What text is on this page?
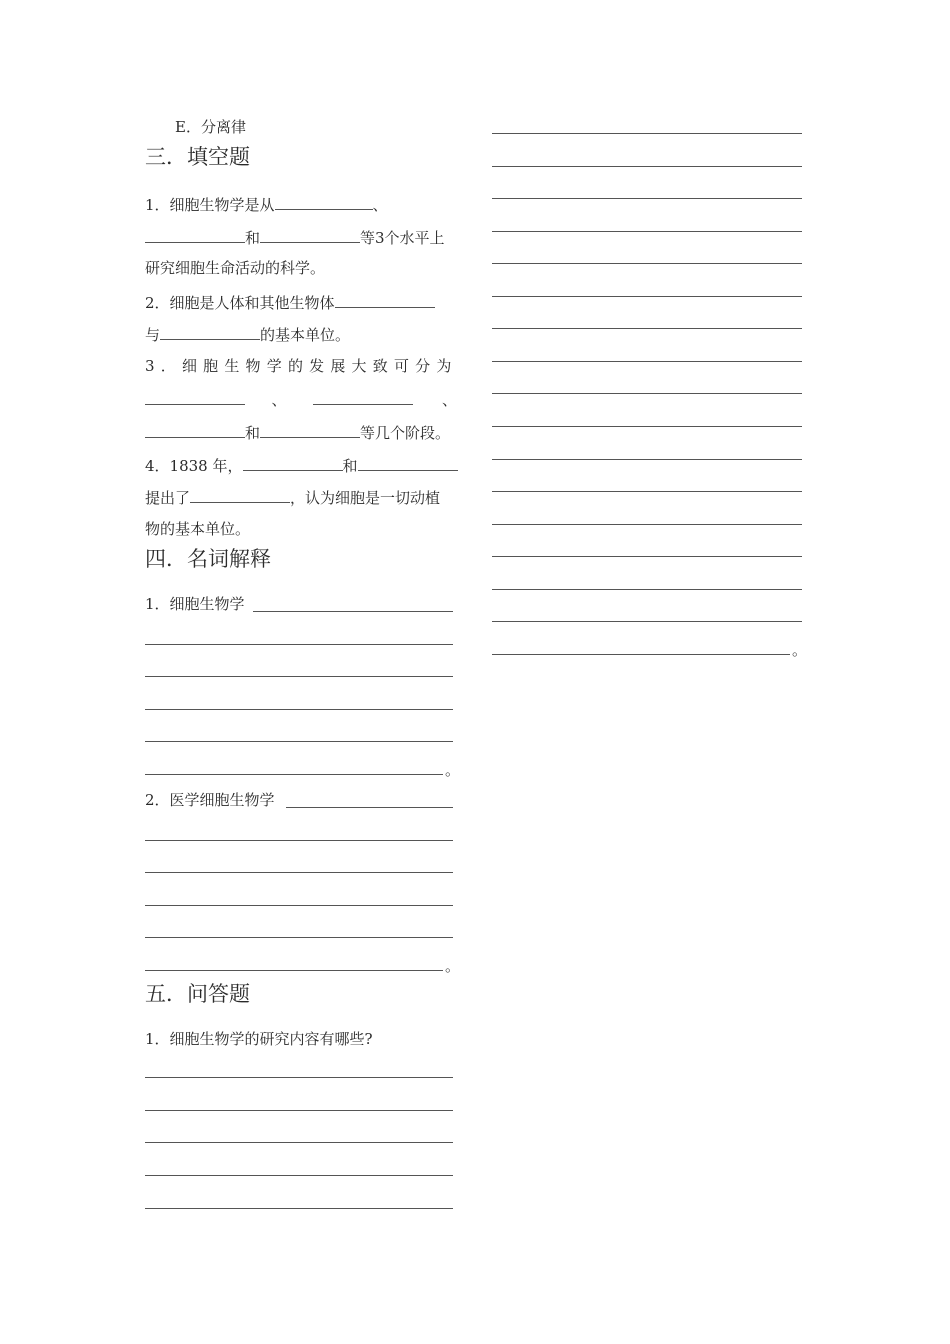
E．分离律
三．填空题
1．细胞生物学是从	、
和	等3个水平上
研究细胞生命活动的科学。
2．细胞是人体和其他生物体
与	的基本单位。
3．细胞生物学的发展大致可分为
、	、
和	等几个阶段。
4．1838 年，	和
提出了	，认为细胞是一切动植
物的基本单位。
四．名词解释
1．细胞生物学
。
2．医学细胞生物学
。
五．问答题
1．细胞生物学的研究内容有哪些?
。
